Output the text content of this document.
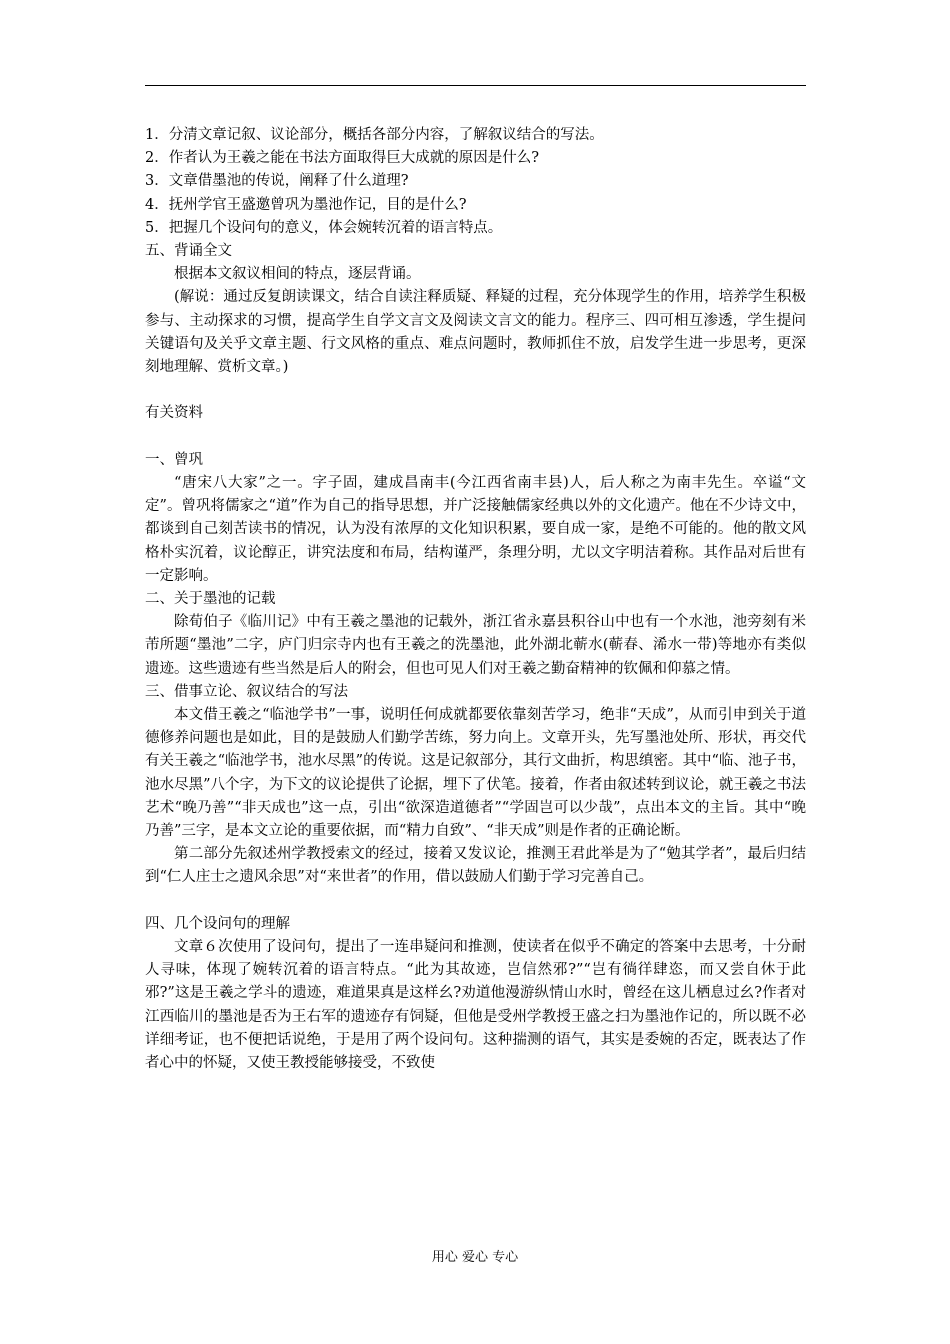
1．分清文章记叙、议论部分，概括各部分内容，了解叙议结合的写法。

2．作者认为王羲之能在书法方面取得巨大成就的原因是什么?

3．文章借墨池的传说，阐释了什么道理?

4．抚州学官王盛邀曾巩为墨池作记，目的是什么?

5．把握几个设问句的意义，体会婉转沉着的语言特点。

五、背诵全文

根据本文叙议相间的特点，逐层背诵。

(解说：通过反复朗读课文，结合自读注释质疑、释疑的过程，充分体现学生的作用，培养学生积极参与、主动探求的习惯，提高学生自学文言文及阅读文言文的能力。程序三、四可相互渗透，学生提问关键语句及关乎文章主题、行文风格的重点、难点问题时，教师抓住不放，启发学生进一步思考，更深刻地理解、赏析文章。)

有关资料

一、曾巩

“唐宋八大家”之一。字子固，建成昌南丰(今江西省南丰县)人，后人称之为南丰先生。卒谥“文定”。曾巩将儒家之“道”作为自己的指导思想，并广泛接触儒家经典以外的文化遗产。他在不少诗文中，都谈到自己刻苦读书的情况，认为没有浓厚的文化知识积累，要自成一家，是绝不可能的。他的散文风格朴实沉着，议论醇正，讲究法度和布局，结构谨严，条理分明，尤以文字明洁着称。其作品对后世有一定影响。

二、关于墨池的记载

除荀伯子《临川记》中有王羲之墨池的记载外，浙江省永嘉县积谷山中也有一个水池，池旁刻有米芾所题“墨池”二字，庐门归宗寺内也有王羲之的洗墨池，此外湖北蕲水(蕲春、浠水一带)等地亦有类似遗迹。这些遗迹有些当然是后人的附会，但也可见人们对王羲之勤奋精神的钦佩和仰慕之情。

三、借事立论、叙议结合的写法

本文借王羲之“临池学书”一事，说明任何成就都要依靠刻苦学习，绝非“天成”，从而引申到关于道德修养问题也是如此，目的是鼓励人们勤学苦练，努力向上。文章开头，先写墨池处所、形状，再交代有关王羲之“临池学书，池水尽黑”的传说。这是记叙部分，其行文曲折，构思缜密。其中“临、池子书，池水尽黑”八个字，为下文的议论提供了论据，埋下了伏笔。接着，作者由叙述转到议论，就王羲之书法艺术“晚乃善”“非天成也”这一点，引出“欲深造道德者”“学固岂可以少哉”，点出本文的主旨。其中“晚乃善”三字，是本文立论的重要依据，而“精力自致”、“非天成”则是作者的正确论断。

第二部分先叙述州学教授索文的经过，接着又发议论，推测王君此举是为了“勉其学者”，最后归结到“仁人庄士之遗风余思”对“来世者”的作用，借以鼓励人们勤于学习完善自己。

四、几个设问句的理解

文章６次使用了设问句，提出了一连串疑问和推测，使读者在似乎不确定的答案中去思考，十分耐人寻味，体现了婉转沉着的语言特点。“此为其故迹，岂信然邪?”“岂有徜徉肆恣，而又尝自休于此邪?”这是王羲之学斗的遗迹，难道果真是这样幺?劝道他漫游纵情山水时，曾经在这儿栖息过幺?作者对江西临川的墨池是否为王右军的遗迹存有饲疑，但他是受州学教授王盛之扫为墨池作记的，所以既不必详细考证，也不便把话说绝，于是用了两个设问句。这种揣测的语气，其实是委婉的否定，既表达了作者心中的怀疑，又使王教授能够接受，不致使

用心 爱心 专心
